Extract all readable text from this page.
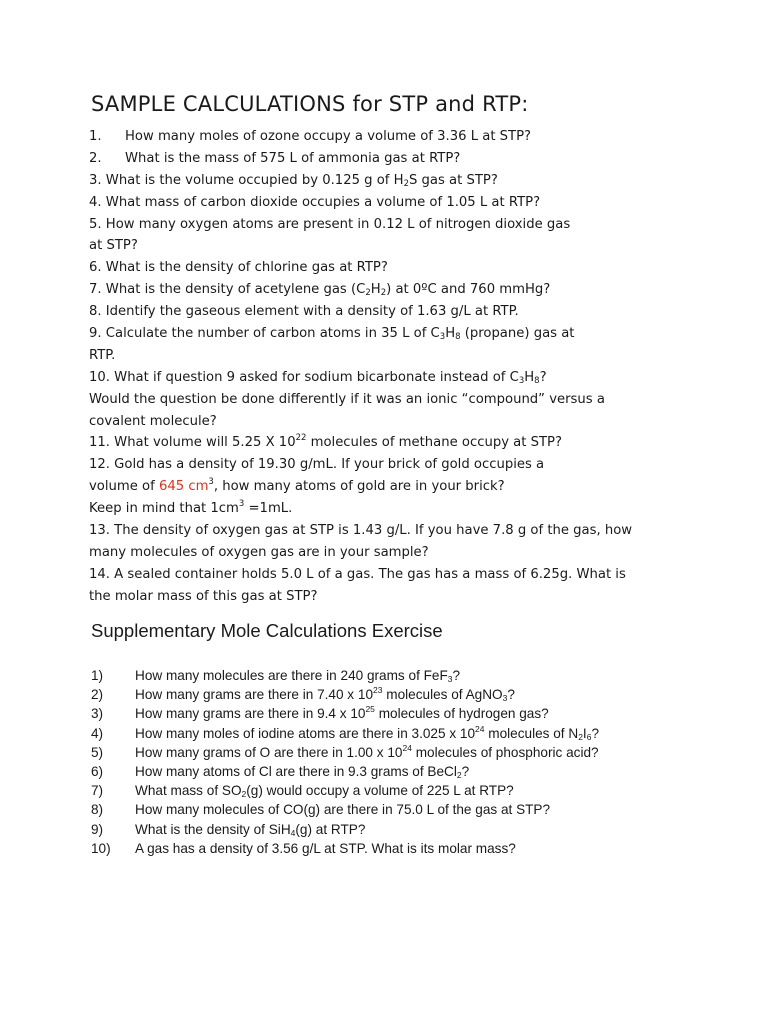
SAMPLE CALCULATIONS for STP and RTP:
1. How many moles of ozone occupy a volume of 3.36 L at STP?
2. What is the mass of 575 L of ammonia gas at RTP?
3. What is the volume occupied by 0.125 g of $H_2S$ gas at STP?
4. What mass of carbon dioxide occupies a volume of 1.05 L at RTP?
5. How many oxygen atoms are present in 0.12 L of nitrogen dioxide gas
at STP?
6. What is the density of chlorine gas at RTP?
7. What is the density of acetylene gas $(C_2H_2)$ at 0ºC and 760 mmHg?
8. Identify the gaseous element with a density of 1.63 g/L at RTP.
9. Calculate the number of carbon atoms in 35 L of $C_3H_8$ (propane) gas at
RTP.
10. What if question 9 asked for sodium bicarbonate instead of $C_3H_8$?
Would the question be done differently if it was an ionic “compound” versus a
covalent molecule?
11. What volume will 5.25 X $10^{22}$ molecules of methane occupy at STP?
12. Gold has a density of 19.30 g/mL. If your brick of gold occupies a
volume of 645 $cm^3$, how many atoms of gold are in your brick?
Keep in mind that $1cm^3 =1mL$.
13. The density of oxygen gas at STP is 1.43 g/L. If you have 7.8 g of the gas, how
many molecules of oxygen gas are in your sample?
14. A sealed container holds 5.0 L of a gas. The gas has a mass of 6.25g. What is
the molar mass of this gas at STP?
Supplementary Mole Calculations Exercise
1)	How many molecules are there in 240 grams of FeF$_3$?
2)	How many grams are there in 7.40 x $10^{23}$ molecules of AgNO$_3$?
3)	How many grams are there in 9.4 x $10^{25}$ molecules of hydrogen gas?
4)	How many moles of iodine atoms are there in 3.025 x $10^{24}$ molecules of $N_2I_6$?
5)	How many grams of O are there in 1.00 x $10^{24}$ molecules of phosphoric acid?
6)	How many atoms of Cl are there in 9.3 grams of BeCl$_2$?
7)	What mass of $SO_2(g)$ would occupy a volume of 225 L at RTP?
8)	How many molecules of CO(g) are there in 75.0 L of the gas at STP?
9)	What is the density of SiH$_4$(g) at RTP?
10)	A gas has a density of 3.56 g/L at STP. What is its molar mass?
